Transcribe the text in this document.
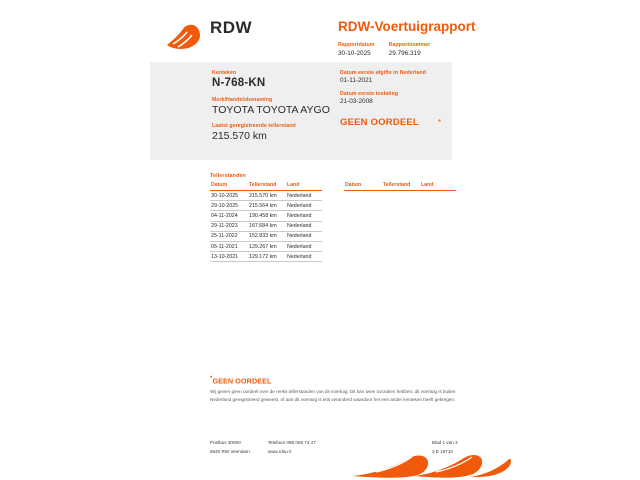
RDW	RDW-Voertuigrapport
Rapportdatum
30-10-2025
Rapportnummer
29.796.319
Kenteken
N-768-KN
Merk/Handelsbenaming
TOYOTA TOYOTA AYGO
Laatst geregistreerde tellerstand
215.570 km
Datum eerste afgifte in Nederland
01-11-2021
Datum eerste toelating
21-03-2008
GEEN OORDEEL *
Tellerstanden
Datum	Tellerstand	Land
30-10-2025	215.570 km	Nederland
29-10-2025	215.564 km	Nederland
04-11-2024	190.458 km	Nederland
29-11-2023	167.684 km	Nederland
25-11-2022	152.833 km	Nederland
05-11-2021	129.267 km	Nederland
13-10-2021	129.172 km	Nederland
Datum	Tellerstand	Land
*GEEN OORDEEL
Wij geven geen oordeel over de reeks tellerstanden van dit voertuig. Dit kan twee oorzaken hebben: dit voertuig is buiten Nederland geregistreerd geweest, of aan dit voertuig is iets veranderd waardoor het een ander kenteken heeft gekregen.
Postbus 30000
6640 RW Veendam
Telefoon 088 008 74 47
www.rdw.nl
Blad 1 van 3
3 E 19710
